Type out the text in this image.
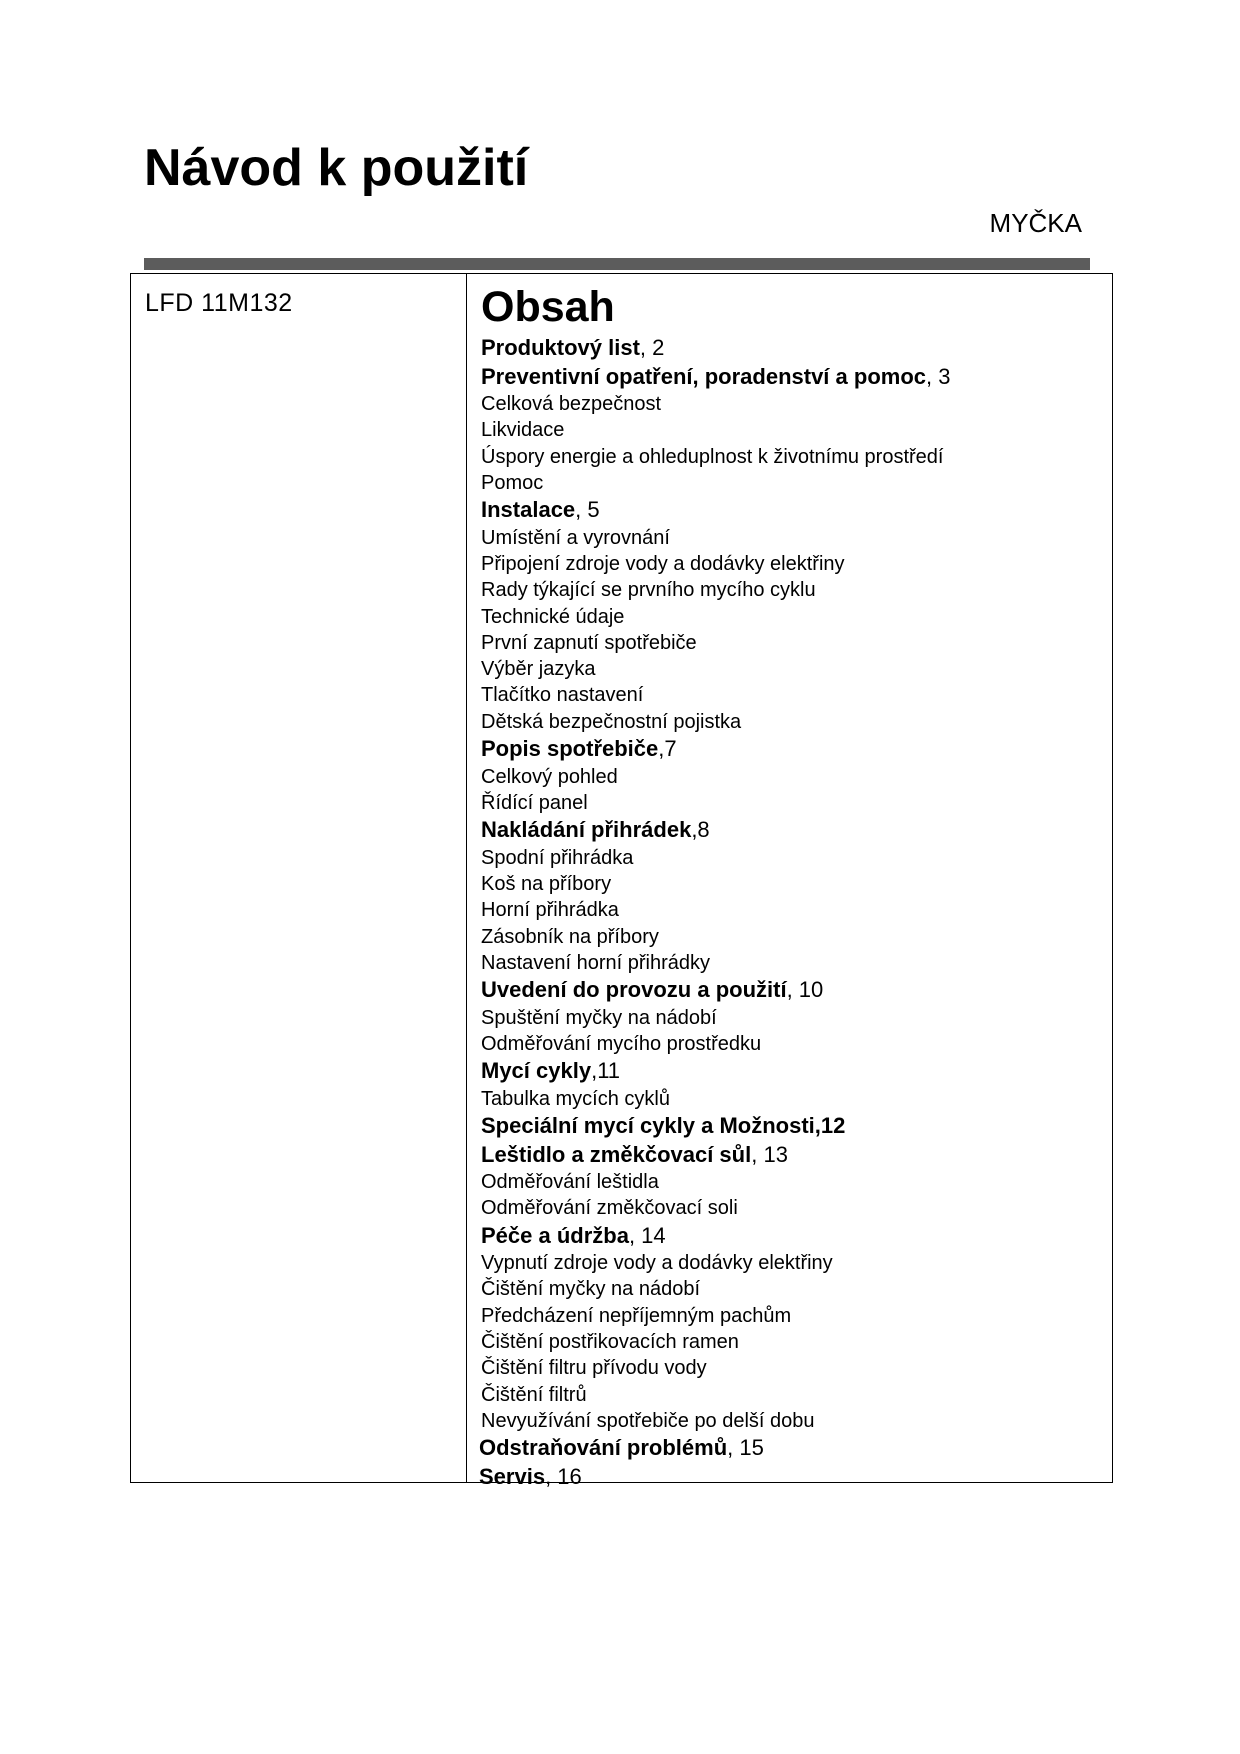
Návod k použití
MYČKA
LFD 11M132	Obsah
Produktový list, 2
Preventivní opatření, poradenství a pomoc, 3
Celková bezpečnost
Likvidace
Úspory energie a ohleduplnost k životnímu prostředí
Pomoc
Instalace, 5
Umístění a vyrovnání
Připojení zdroje vody a dodávky elektřiny
Rady týkající se prvního mycího cyklu
Technické údaje
První zapnutí spotřebiče
Výběr jazyka
Tlačítko nastavení
Dětská bezpečnostní pojistka
Popis spotřebiče,7
Celkový pohled
Řídící panel
Nakládání přihrádek,8
Spodní přihrádka
Koš na příbory
Horní přihrádka
Zásobník na příbory
Nastavení horní přihrádky
Uvedení do provozu a použití, 10
Spuštění myčky na nádobí
Odměřování mycího prostředku
Mycí cykly,11
Tabulka mycích cyklů
Speciální mycí cykly a Možnosti,12
Leštidlo a změkčovací sůl, 13
Odměřování leštidla
Odměřování změkčovací soli
Péče a údržba, 14
Vypnutí zdroje vody a dodávky elektřiny
Čištění myčky na nádobí
Předcházení nepříjemným pachům
Čištění postřikovacích ramen
Čištění filtru přívodu vody
Čištění filtrů
Nevyužívání spotřebiče po delší dobu
Odstraňování problémů, 15
Servis, 16
